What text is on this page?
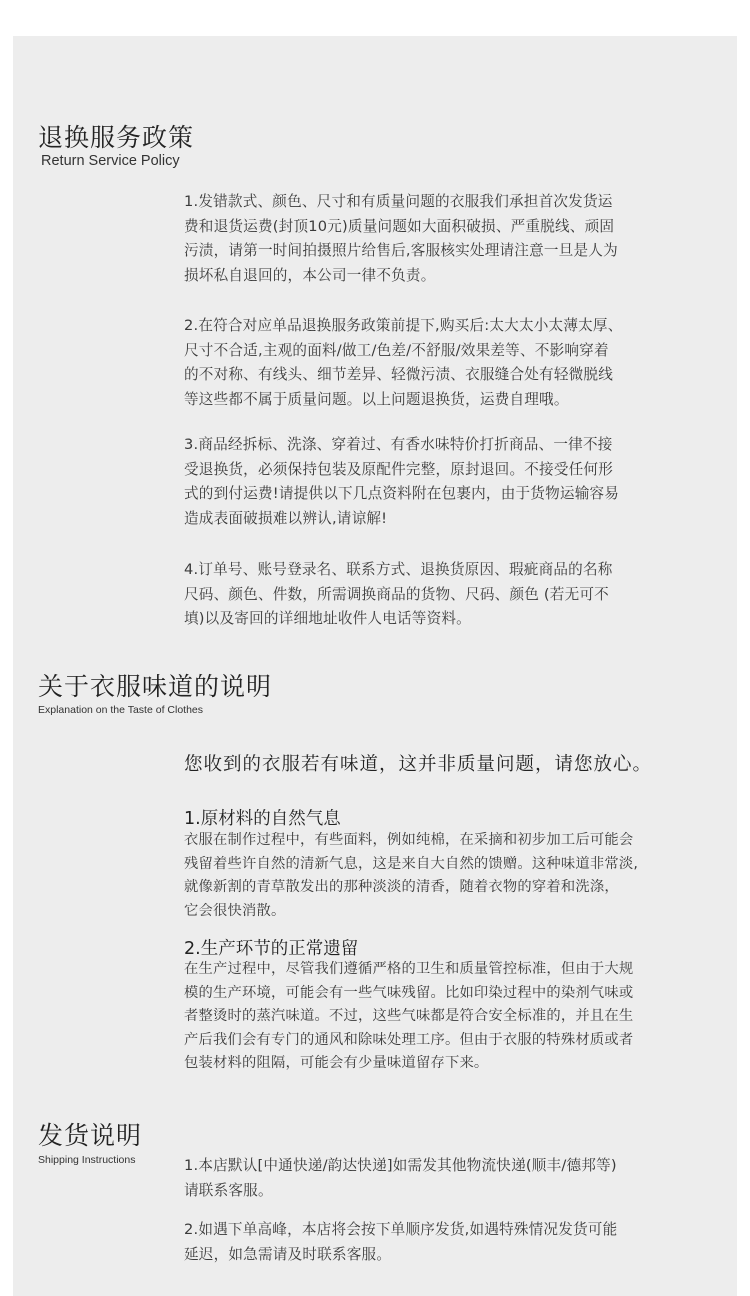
退换服务政策
Return Service Policy
1.发错款式、颜色、尺寸和有质量问题的衣服我们承担首次发货运
费和退货运费(封顶10元)质量问题如大面积破损、严重脱线、顽固
污渍，请第一时间拍摄照片给售后,客服核实处理请注意一旦是人为
损坏私自退回的，本公司一律不负责。
2.在符合对应单品退换服务政策前提下,购买后:太大太小太薄太厚、
尺寸不合适,主观的面料/做工/色差/不舒服/效果差等、不影响穿着
的不对称、有线头、细节差异、轻微污渍、衣服缝合处有轻微脱线
等这些都不属于质量问题。以上问题退换货，运费自理哦。
3.商品经拆标、洗涤、穿着过、有香水味特价打折商品、一律不接
受退换货，必须保持包装及原配件完整，原封退回。不接受任何形
式的到付运费!请提供以下几点资料附在包裹内，由于货物运输容易
造成表面破损难以辨认,请谅解!
4.订单号、账号登录名、联系方式、退换货原因、瑕疵商品的名称
尺码、颜色、件数，所需调换商品的货物、尺码、颜色 (若无可不
填)以及寄回的详细地址收件人电话等资料。
关于衣服味道的说明
Explanation on the Taste of Clothes
您收到的衣服若有味道，这并非质量问题，请您放心。
1.原材料的自然气息
衣服在制作过程中，有些面料，例如纯棉，在采摘和初步加工后可能会
残留着些许自然的清新气息，这是来自大自然的馈赠。这种味道非常淡,
就像新割的青草散发出的那种淡淡的清香，随着衣物的穿着和洗涤，
它会很快消散。
2.生产环节的正常遗留
在生产过程中，尽管我们遵循严格的卫生和质量管控标准，但由于大规
模的生产环境，可能会有一些气味残留。比如印染过程中的染剂气味或
者整烫时的蒸汽味道。不过，这些气味都是符合安全标准的，并且在生
产后我们会有专门的通风和除味处理工序。但由于衣服的特殊材质或者
包装材料的阻隔，可能会有少量味道留存下来。
发货说明
Shipping Instructions	1.本店默认[中通快递/韵达快递]如需发其他物流快递(顺丰/德邦等)
请联系客服。
2.如遇下单高峰，本店将会按下单顺序发货,如遇特殊情况发货可能
延迟，如急需请及时联系客服。
